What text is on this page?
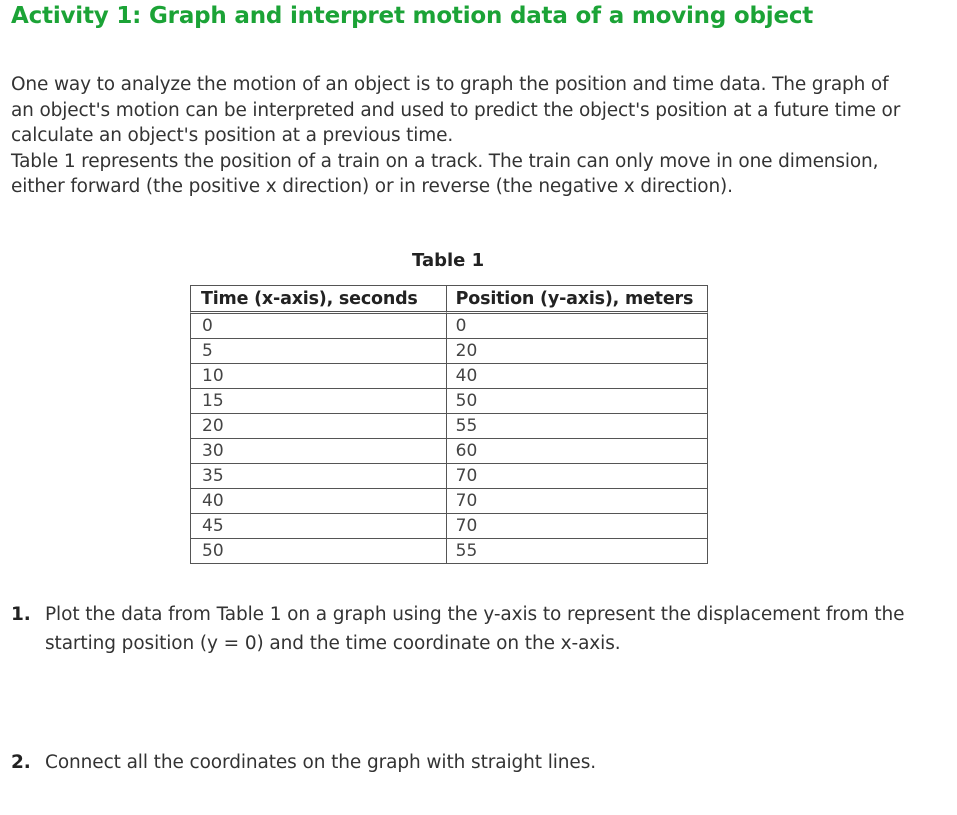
Activity 1: Graph and interpret motion data of a moving object

One way to analyze the motion of an object is to graph the position and time data. The graph of an object's motion can be interpreted and used to predict the object's position at a future time or calculate an object's position at a previous time.

Table 1 represents the position of a train on a track. The train can only move in one dimension, either forward (the positive x direction) or in reverse (the negative x direction).

Table 1
Time (x-axis), seconds	Position (y-axis), meters
0	0
5	20
10	40
15	50
20	55
30	60
35	70
40	70
45	70
50	55
1. Plot the data from Table 1 on a graph using the y-axis to represent the displacement from the starting position (y = 0) and the time coordinate on the x-axis.
2. Connect all the coordinates on the graph with straight lines.
